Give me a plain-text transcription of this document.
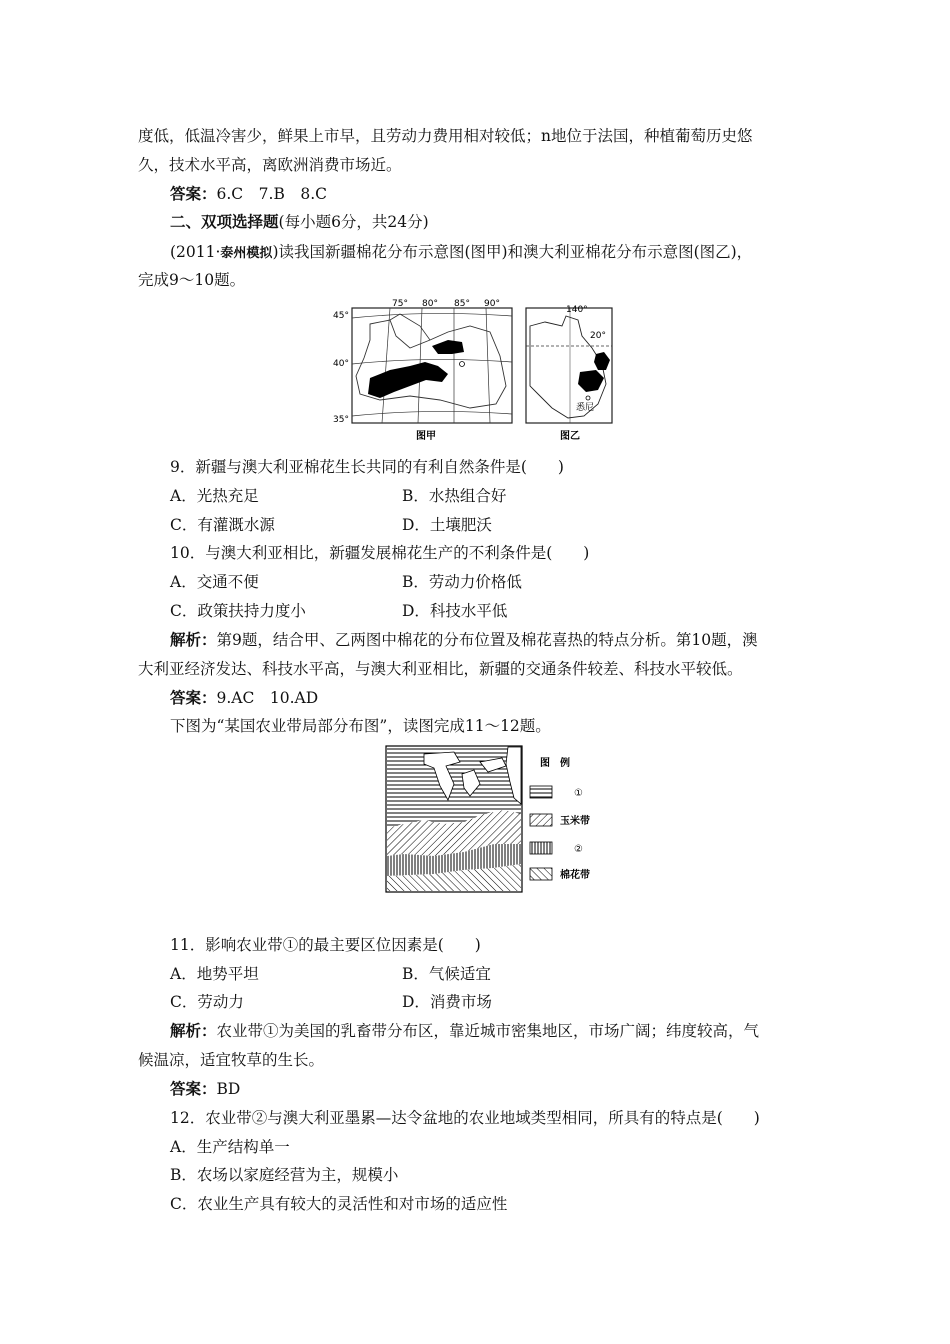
度低，低温冷害少，鲜果上市早，且劳动力费用相对较低；n地位于法国，种植葡萄历史悠
久，技术水平高，离欧洲消费市场近。
答案：6.C　7.B　8.C
二、双项选择题(每小题6分，共24分)
(2011·泰州模拟)读我国新疆棉花分布示意图(图甲)和澳大利亚棉花分布示意图(图乙)，
完成9～10题。
75° 80° 85° 90°
45°
40°
35°
图甲
140°
20°
悉尼
图乙
9．新疆与澳大利亚棉花生长共同的有利自然条件是(　　)
A．光热充足	B．水热组合好
C．有灌溉水源	D．土壤肥沃
10．与澳大利亚相比，新疆发展棉花生产的不利条件是(　　)
A．交通不便	B．劳动力价格低
C．政策扶持力度小	D．科技水平低
解析：第9题，结合甲、乙两图中棉花的分布位置及棉花喜热的特点分析。第10题，澳
大利亚经济发达、科技水平高，与澳大利亚相比，新疆的交通条件较差、科技水平较低。
答案：9.AC　10.AD
下图为“某国农业带局部分布图”，读图完成11～12题。
图　例
①
玉米带
②
棉花带
11．影响农业带①的最主要区位因素是(　　)
A．地势平坦	B．气候适宜
C．劳动力	D．消费市场
解析：农业带①为美国的乳畜带分布区，靠近城市密集地区，市场广阔；纬度较高，气
候温凉，适宜牧草的生长。
答案：BD
12．农业带②与澳大利亚墨累—达令盆地的农业地域类型相同，所具有的特点是(　　)
A．生产结构单一
B．农场以家庭经营为主，规模小
C．农业生产具有较大的灵活性和对市场的适应性
